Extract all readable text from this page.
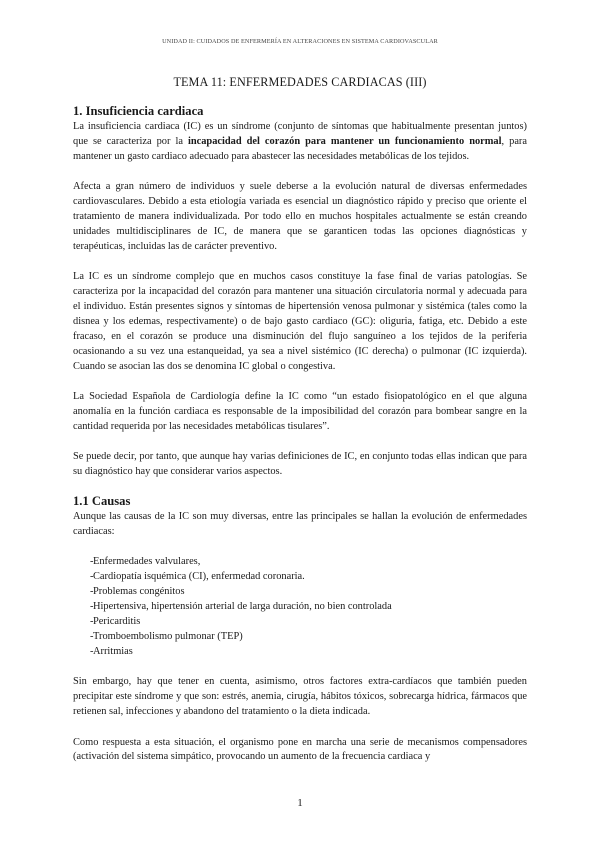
UNIDAD II: CUIDADOS DE ENFERMERÍA EN ALTERACIONES EN SISTEMA CARDIOVASCULAR
TEMA 11: ENFERMEDADES CARDIACAS (III)
1. Insuficiencia cardiaca

La insuficiencia cardiaca (IC) es un síndrome (conjunto de síntomas que habitualmente presentan juntos) que se caracteriza por la incapacidad del corazón para mantener un funcionamiento normal, para mantener un gasto cardiaco adecuado para abastecer las necesidades metabólicas de los tejidos.

Afecta a gran número de individuos y suele deberse a la evolución natural de diversas enfermedades cardiovasculares. Debido a esta etiología variada es esencial un diagnóstico rápido y preciso que oriente el tratamiento de manera individualizada. Por todo ello en muchos hospitales actualmente se están creando unidades multidisciplinares de IC, de manera que se garanticen todas las opciones diagnósticas y terapéuticas, incluidas las de carácter preventivo.

La IC es un síndrome complejo que en muchos casos constituye la fase final de varias patologías. Se caracteriza por la incapacidad del corazón para mantener una situación circulatoria normal y adecuada para el individuo. Están presentes signos y síntomas de hipertensión venosa pulmonar y sistémica (tales como la disnea y los edemas, respectivamente) o de bajo gasto cardiaco (GC): oliguria, fatiga, etc. Debido a este fracaso, en el corazón se produce una disminución del flujo sanguíneo a los tejidos de la periferia ocasionando a su vez una estanqueidad, ya sea a nivel sistémico (IC derecha) o pulmonar (IC izquierda). Cuando se asocian las dos se denomina IC global o congestiva.

La Sociedad Española de Cardiología define la IC como “un estado fisiopatológico en el que alguna anomalía en la función cardiaca es responsable de la imposibilidad del corazón para bombear sangre en la cantidad requerida por las necesidades metabólicas tisulares”.

Se puede decir, por tanto, que aunque hay varias definiciones de IC, en conjunto todas ellas indican que para su diagnóstico hay que considerar varios aspectos.

1.1 Causas

Aunque las causas de la IC son muy diversas, entre las principales se hallan la evolución de enfermedades cardiacas:

- Enfermedades valvulares,
- Cardiopatía isquémica (CI), enfermedad coronaria.
- Problemas congénitos
- Hipertensiva, hipertensión arterial de larga duración, no bien controlada
- Pericarditis
- Tromboembolismo pulmonar (TEP)
- Arritmias

Sin embargo, hay que tener en cuenta, asimismo, otros factores extra-cardíacos que también pueden precipitar este síndrome y que son: estrés, anemia, cirugía, hábitos tóxicos, sobrecarga hídrica, fármacos que retienen sal, infecciones y abandono del tratamiento o la dieta indicada.

Como respuesta a esta situación, el organismo pone en marcha una serie de mecanismos compensadores (activación del sistema simpático, provocando un aumento de la frecuencia cardiaca y

1
